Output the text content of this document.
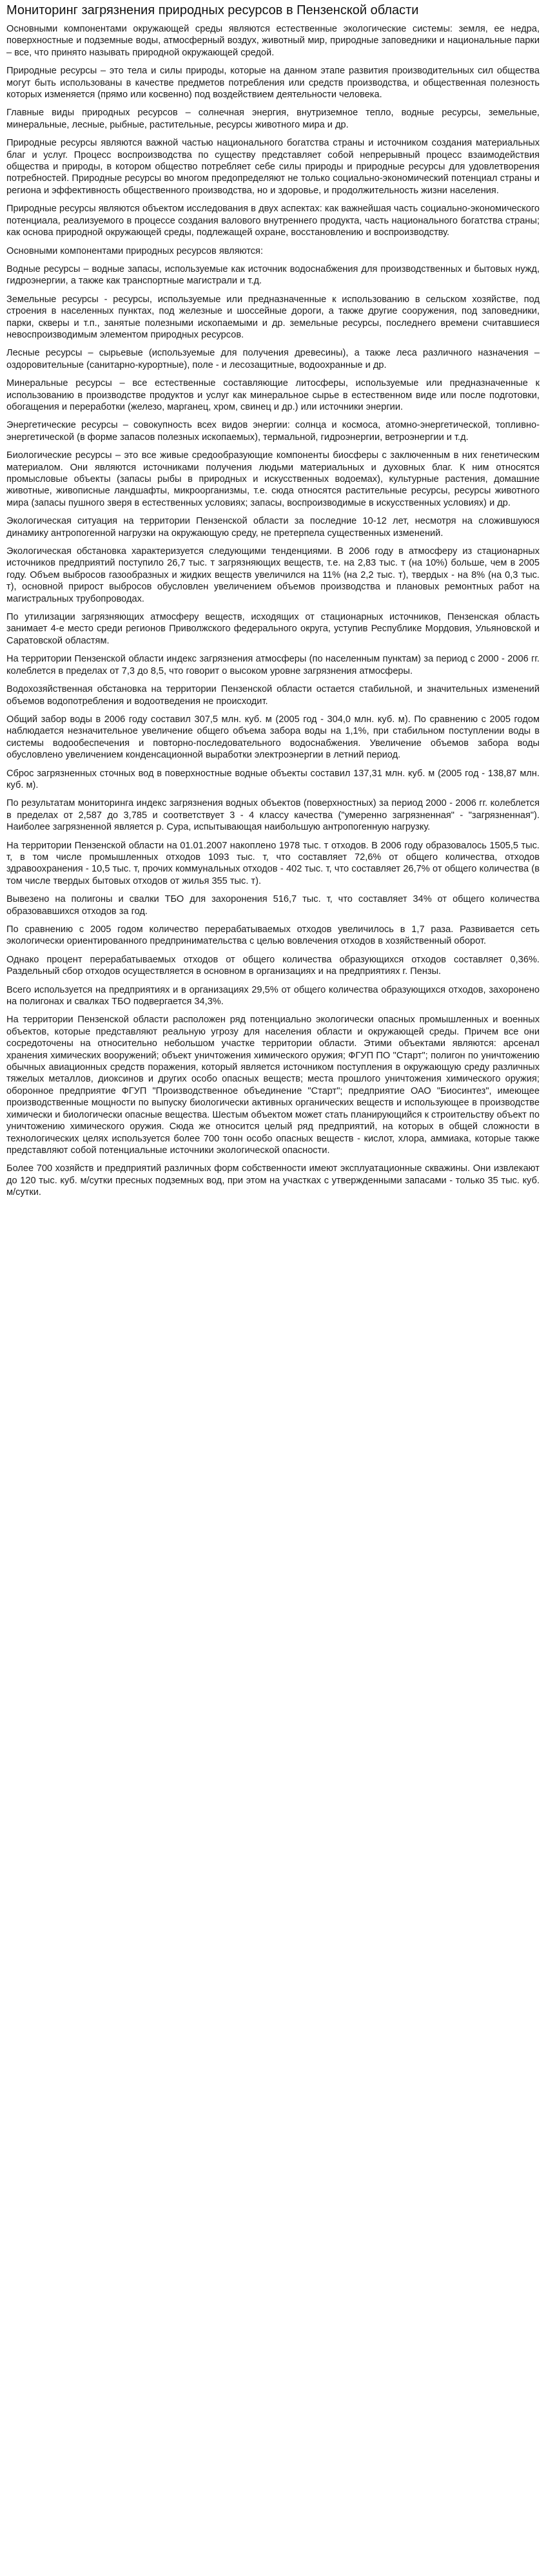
Мониторинг загрязнения природных ресурсов в Пензенской области

Основными компонентами окружающей среды являются естественные экологические системы: земля, ее недра, поверхностные и подземные воды, атмосферный воздух, животный мир, природные заповедники и национальные парки – все, что принято называть природной окружающей средой.

Природные ресурсы – это тела и силы природы, которые на данном этапе развития производительных сил общества могут быть использованы в качестве предметов потребления или средств производства, и общественная полезность которых изменяется (прямо или косвенно) под воздействием деятельности человека.

Главные виды природных ресурсов – солнечная энергия, внутриземное тепло, водные ресурсы, земельные, минеральные, лесные, рыбные, растительные, ресурсы животного мира и др.

Природные ресурсы являются важной частью национального богатства страны и источником создания материальных благ и услуг. Процесс воспроизводства по существу представляет собой непрерывный процесс взаимодействия общества и природы, в котором общество потребляет себе силы природы и природные ресурсы для удовлетворения потребностей. Природные ресурсы во многом предопределяют не только социально-экономический потенциал страны и региона и эффективность общественного производства, но и здоровье, и продолжительность жизни населения.

Природные ресурсы являются объектом исследования в двух аспектах: как важнейшая часть социально-экономического потенциала, реализуемого в процессе создания валового внутреннего продукта, часть национального богатства страны; как основа природной окружающей среды, подлежащей охране, восстановлению и воспроизводству.

Основными компонентами природных ресурсов являются:

Водные ресурсы – водные запасы, используемые как источник водоснабжения для производственных и бытовых нужд, гидроэнергии, а также как транспортные магистрали и т.д.

Земельные ресурсы - ресурсы, используемые или предназначенные к использованию в сельском хозяйстве, под строения в населенных пунктах, под железные и шоссейные дороги, а также другие сооружения, под заповедники, парки, скверы и т.п., занятые полезными ископаемыми и др. земельные ресурсы, последнего времени считавшиеся невоспроизводимым элементом природных ресурсов.

Лесные ресурсы – сырьевые (используемые для получения древесины), а также леса различного назначения – оздоровительные (санитарно-курортные), поле - и лесозащитные, водоохранные и др.

Минеральные ресурсы – все естественные составляющие литосферы, используемые или предназначенные к использованию в производстве продуктов и услуг как минеральное сырье в естественном виде или после подготовки, обогащения и переработки (железо, марганец, хром, свинец и др.) или источники энергии.

Энергетические ресурсы – совокупность всех видов энергии: солнца и космоса, атомно-энергетической, топливно-энергетической (в форме запасов полезных ископаемых), термальной, гидроэнергии, ветроэнергии и т.д.

Биологические ресурсы – это все живые средообразующие компоненты биосферы с заключенным в них генетическим материалом. Они являются источниками получения людьми материальных и духовных благ. К ним относятся промысловые объекты (запасы рыбы в природных и искусственных водоемах), культурные растения, домашние животные, живописные ландшафты, микроорганизмы, т.е. сюда относятся растительные ресурсы, ресурсы животного мира (запасы пушного зверя в естественных условиях; запасы, воспроизводимые в искусственных условиях) и др.

Экологическая ситуация на территории Пензенской области за последние 10-12 лет, несмотря на сложившуюся динамику антропогенной нагрузки на окружающую среду, не претерпела существенных изменений.

Экологическая обстановка характеризуется следующими тенденциями. В 2006 году в атмосферу из стационарных источников предприятий поступило 26,7 тыс. т загрязняющих веществ, т.е. на 2,83 тыс. т (на 10%) больше, чем в 2005 году. Объем выбросов газообразных и жидких веществ увеличился на 11% (на 2,2 тыс. т), твердых - на 8% (на 0,3 тыс. т), основной прирост выбросов обусловлен увеличением объемов производства и плановых ремонтных работ на магистральных трубопроводах.

По утилизации загрязняющих атмосферу веществ, исходящих от стационарных источников, Пензенская область занимает 4-е место среди регионов Приволжского федерального округа, уступив Республике Мордовия, Ульяновской и Саратовской областям.

На территории Пензенской области индекс загрязнения атмосферы (по населенным пунктам) за период с 2000 - 2006 гг. колеблется в пределах от 7,3 до 8,5, что говорит о высоком уровне загрязнения атмосферы.

Водохозяйственная обстановка на территории Пензенской области остается стабильной, и значительных изменений объемов водопотребления и водоотведения не происходит.

Общий забор воды в 2006 году составил 307,5 млн. куб. м (2005 год - 304,0 млн. куб. м). По сравнению с 2005 годом наблюдается незначительное увеличение общего объема забора воды на 1,1%, при стабильном поступлении воды в системы водообеспечения и повторно-последовательного водоснабжения. Увеличение объемов забора воды обусловлено увеличением конденсационной выработки электроэнергии в летний период.

Сброс загрязненных сточных вод в поверхностные водные объекты составил 137,31 млн. куб. м (2005 год - 138,87 млн. куб. м).

По результатам мониторинга индекс загрязнения водных объектов (поверхностных) за период 2000 - 2006 гг. колеблется в пределах от 2,587 до 3,785 и соответствует 3 - 4 классу качества ("умеренно загрязненная" - "загрязненная"). Наиболее загрязненной является р. Сура, испытывающая наибольшую антропогенную нагрузку.

На территории Пензенской области на 01.01.2007 накоплено 1978 тыс. т отходов. В 2006 году образовалось 1505,5 тыс. т, в том числе промышленных отходов 1093 тыс. т, что составляет 72,6% от общего количества, отходов здравоохранения - 10,5 тыс. т, прочих коммунальных отходов - 402 тыс. т, что составляет 26,7% от общего количества (в том числе твердых бытовых отходов от жилья 355 тыс. т).

Вывезено на полигоны и свалки ТБО для захоронения 516,7 тыс. т, что составляет 34% от общего количества образовавшихся отходов за год.

По сравнению с 2005 годом количество перерабатываемых отходов увеличилось в 1,7 раза. Развивается сеть экологически ориентированного предпринимательства с целью вовлечения отходов в хозяйственный оборот.

Однако процент перерабатываемых отходов от общего количества образующихся отходов составляет 0,36%. Раздельный сбор отходов осуществляется в основном в организациях и на предприятиях г. Пензы.

Всего используется на предприятиях и в организациях 29,5% от общего количества образующихся отходов, захоронено на полигонах и свалках ТБО подвергается 34,3%.

На территории Пензенской области расположен ряд потенциально экологически опасных промышленных и военных объектов, которые представляют реальную угрозу для населения области и окружающей среды. Причем все они сосредоточены на относительно небольшом участке территории области. Этими объектами являются: арсенал хранения химических вооружений; объект уничтожения химического оружия; ФГУП ПО "Старт"; полигон по уничтожению обычных авиационных средств поражения, который является источником поступления в окружающую среду различных тяжелых металлов, диоксинов и других особо опасных веществ; места прошлого уничтожения химического оружия; оборонное предприятие ФГУП "Производственное объединение "Старт"; предприятие ОАО "Биосинтез", имеющее производственные мощности по выпуску биологически активных органических веществ и использующее в производстве химически и биологически опасные вещества. Шестым объектом может стать планирующийся к строительству объект по уничтожению химического оружия. Сюда же относится целый ряд предприятий, на которых в общей сложности в технологических целях используется более 700 тонн особо опасных веществ - кислот, хлора, аммиака, которые также представляют собой потенциальные источники экологической опасности.

Более 700 хозяйств и предприятий различных форм собственности имеют эксплуатационные скважины. Они извлекают до 120 тыс. куб. м/сутки пресных подземных вод, при этом на участках с утвержденными запасами - только 35 тыс. куб. м/сутки.
